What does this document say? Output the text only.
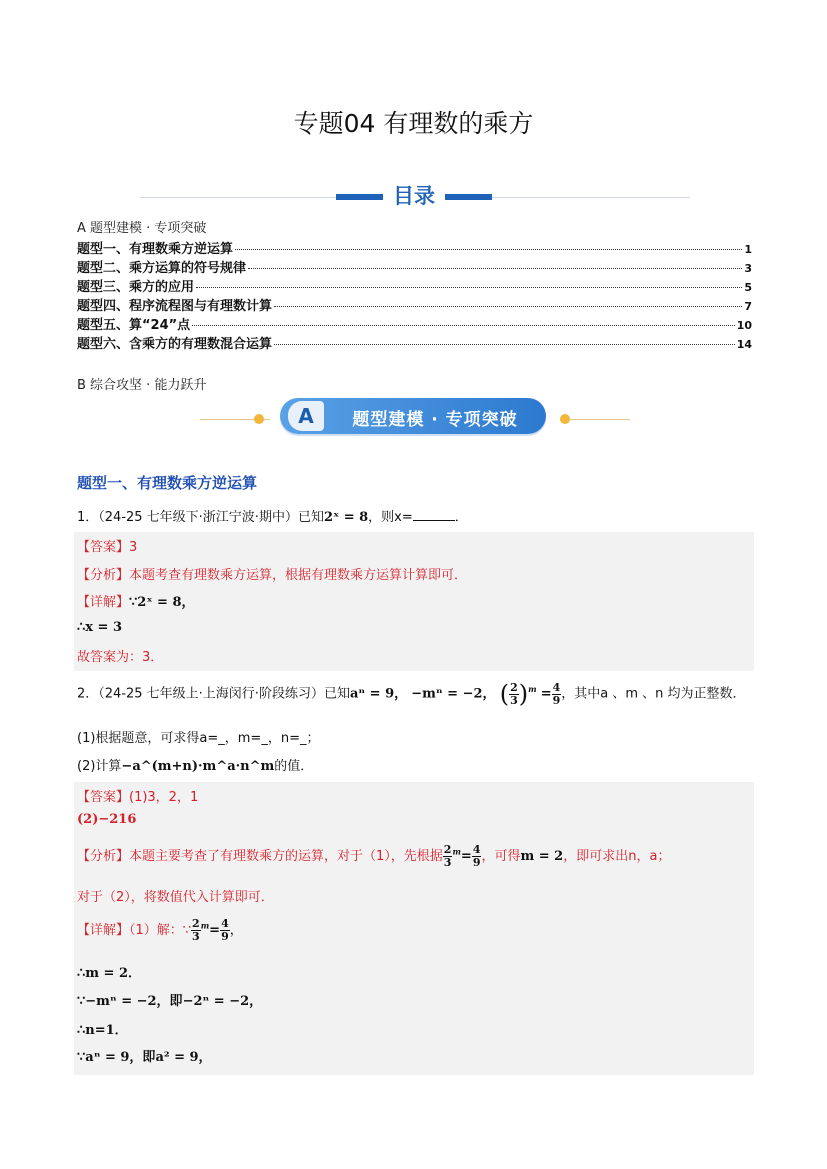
专题04 有理数的乘方
目录
A 题型建模 · 专项突破
题型一、有理数乘方逆运算	1
题型二、乘方运算的符号规律	3
题型三、乘方的应用	5
题型四、程序流程图与有理数计算	7
题型五、算“24”点	10
题型六、含乘方的有理数混合运算	14
B 综合攻坚 · 能力跃升
A	题型建模 · 专项突破
题型一、有理数乘方逆运算
1．（24-25 七年级下·浙江宁波·期中）已知2ˣ = 8，则x=	．
【答案】3
【分析】本题考查有理数乘方运算，根据有理数乘方运算计算即可．
【详解】∵2ˣ = 8，
∴x = 3
故答案为：3．
2．（24-25 七年级上·上海闵行·阶段练习）已知aⁿ = 9， −mⁿ = −2， ( $\frac{2}{3} )^m = \frac{4}{9}$ ，其中a 、m 、n 均为正整数．
(1)根据题意，可求得a=_，m=_，n=_；
(2)计算−a^(m+n)·m^a·n^m的值．
【答案】(1)3，2，1
(2)−216
【分析】本题主要考查了有理数乘方的运算，对于（1），先根据 $\frac{2}{3} ^m= \frac{4}{9}$ ，可得m = 2，即可求出n，a；
对于（2），将数值代入计算即可．
【详解】（1）解：∵ $\frac{2}{3} ^m= \frac{4}{9}$ ，
∴m = 2．
∵−mⁿ = −2，即−2ⁿ = −2，
∴n=1．
∵aⁿ = 9，即a² = 9，
